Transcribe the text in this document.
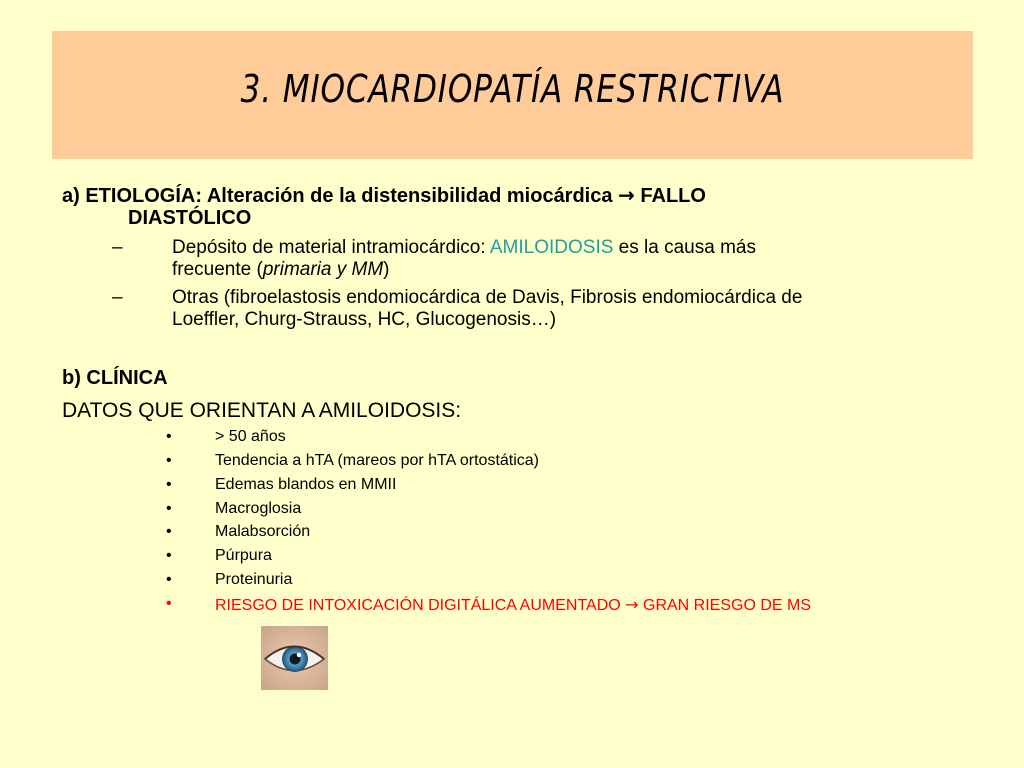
3. MIOCARDIOPATÍA RESTRICTIVA
a) ETIOLOGÍA: Alteración de la distensibilidad miocárdica → FALLO
DIASTÓLICO
–	Depósito de material intramiocárdico: AMILOIDOSIS es la causa más
frecuente (primaria y MM)
–	Otras (fibroelastosis endomiocárdica de Davis, Fibrosis endomiocárdica de
Loeffler, Churg-Strauss, HC, Glucogenosis…)
b) CLÍNICA
DATOS QUE ORIENTAN A AMILOIDOSIS:
•	> 50 años
•	Tendencia a hTA (mareos por hTA ortostática)
•	Edemas blandos en MMII
•	Macroglosia
•	Malabsorción
•	Púrpura
•	Proteinuria
•	RIESGO DE INTOXICACIÓN DIGITÁLICA AUMENTADO → GRAN RIESGO DE MS
